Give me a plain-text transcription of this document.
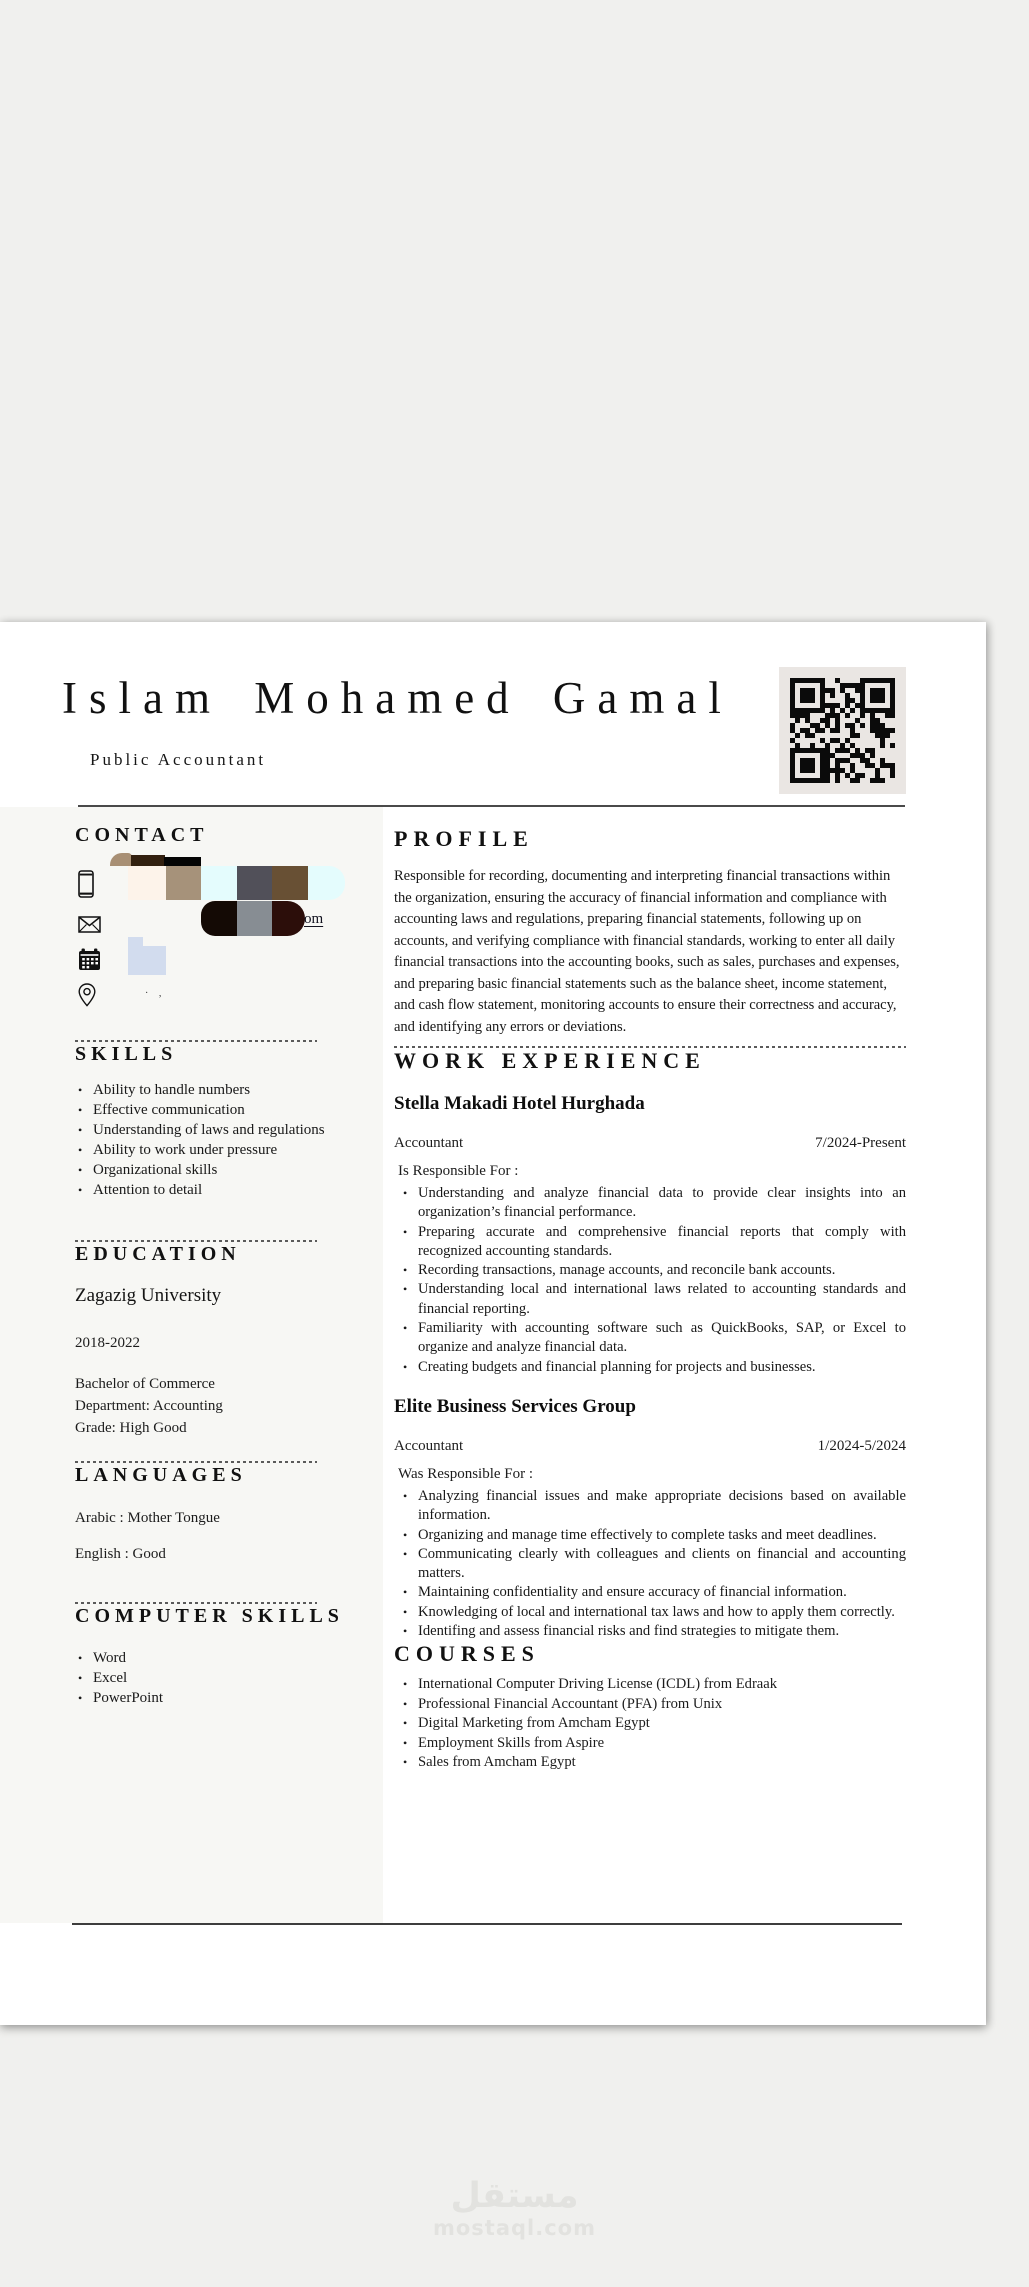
Islam Mohamed Gamal
Public Accountant
CONTACT
om
· ,
SKILLS
• Ability to handle numbers
• Effective communication
• Understanding of laws and regulations
• Ability to work under pressure
• Organizational skills
• Attention to detail
EDUCATION
Zagazig University
2018-2022
Bachelor of Commerce
Department: Accounting
Grade: High Good
LANGUAGES
Arabic : Mother Tongue
English : Good
COMPUTER SKILLS
• Word
• Excel
• PowerPoint
PROFILE

Responsible for recording, documenting and interpreting financial transactions within the organization, ensuring the accuracy of financial information and compliance with accounting laws and regulations, preparing financial statements, following up on accounts, and verifying compliance with financial standards, working to enter all daily financial transactions into the accounting books, such as sales, purchases and expenses, and preparing basic financial statements such as the balance sheet, income statement, and cash flow statement, monitoring accounts to ensure their correctness and accuracy, and identifying any errors or deviations.

WORK EXPERIENCE
Stella Makadi Hotel Hurghada
Accountant	7/2024-Present
Is Responsible For :
• Understanding and analyze financial data to provide clear insights into an organization’s financial performance.
• Preparing accurate and comprehensive financial reports that comply with recognized accounting standards.
• Recording transactions, manage accounts, and reconcile bank accounts.
• Understanding local and international laws related to accounting standards and financial reporting.
• Familiarity with accounting software such as QuickBooks, SAP, or Excel to organize and analyze financial data.
• Creating budgets and financial planning for projects and businesses.
Elite Business Services Group
Accountant	1/2024-5/2024
Was Responsible For :
• Analyzing financial issues and make appropriate decisions based on available information.
• Organizing and manage time effectively to complete tasks and meet deadlines.
• Communicating clearly with colleagues and clients on financial and accounting matters.
• Maintaining confidentiality and ensure accuracy of financial information.
• Knowledging of local and international tax laws and how to apply them correctly.
• Identifing and assess financial risks and find strategies to mitigate them.
COURSES
• International Computer Driving License (ICDL) from Edraak
• Professional Financial Accountant (PFA) from Unix
• Digital Marketing from Amcham Egypt
• Employment Skills from Aspire
• Sales from Amcham Egypt
مستقل
mostaql.com
